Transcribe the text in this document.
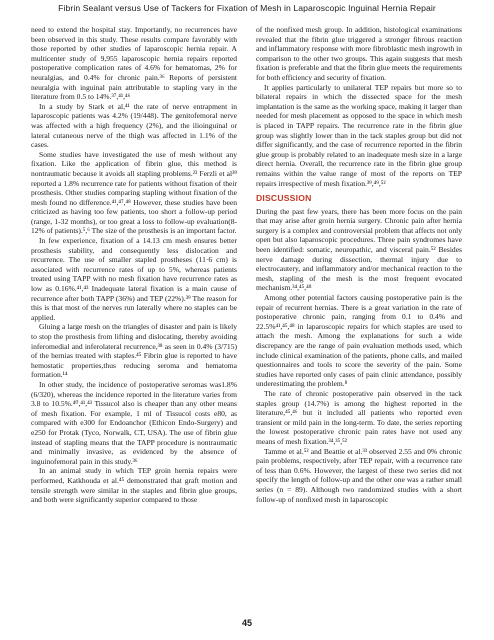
Fibrin Sealant versus Use of Tackers for Fixation of Mesh in Laparoscopic Inguinal Hernia Repair

need to extend the hospital stay. Importantly, no recurrences have been observed in this study. These results compare favorably with those reported by other studies of laparoscopic hernia repair. A multicenter study of 9,955 laparoscopic hernia repairs reported postoperative complication rates of 4.6% for hematomas, 2% for neuralgias, and 0.4% for chronic pain.³⁶ Reports of persistent neuralgia with inguinal pain attributable to stapling vary in the literature from 0.5 to 14%.³⁷,⁴¹,⁴⁶

In a study by Stark et al,⁴¹ the rate of nerve entrapment in laparoscopic patients was 4.2% (19/448). The genitofemoral nerve was affected with a high frequency (2%), and the ilioinguinal or lateral cutaneous nerve of the thigh was affected in 1.1% of the cases.

Some studies have investigated the use of mesh without any fixation. Like the application of fibrin glue, this method is nontraumatic because it avoids all stapling problems.²³ Ferzli et al³⁹ reported a 1.8% recurrence rate for patients without fixation of their prosthesis. Other studies comparing stapling without fixation of the mesh found no difference.⁴¹,⁴⁷,⁴⁸ However, these studies have been criticized as having too few patients, too short a follow-up period (range, 1-32 months), or too great a loss to follow-up evaluation(8-12% of patients).⁵,⁶ The size of the prosthesis is an important factor.

In few experience, fixation of a 14.13 cm mesh ensures better prosthesis stability, and consequently less dislocation and recurrence. The use of smaller stapled prostheses (11·6 cm) is associated with recurrence rates of up to 5%, whereas patients treated using TAPP with no mesh fixation have recurrence rates as low as 0.16%.⁴¹,⁴³ Inadequate lateral fixation is a main cause of recurrence after both TAPP (36%) and TEP (22%).³⁹ The reason for this is that most of the nerves run laterally where no staples can be applied.

Gluing a large mesh on the triangles of disaster and pain is likely to stop the prosthesis from lifting and dislocating, thereby avoiding inferomedial and inferolateral recurrence,³⁸ as seen in 0.4% (3/715) of the hernias treated with staples.⁴⁵ Fibrin glue is reported to have hemostatic properties,thus reducing seroma and hematoma formation.¹⁴

In other study, the incidence of postoperative seromas was1.8% (6/320), whereas the incidence reported in the literature varies from 3.8 to 10.5%.⁴⁰,⁴¹,⁴³ Tissucol also is cheaper than any other means of mesh fixation. For example, 1 ml of Tissucol costs e80, as compared with e300 for Endoanchor (Ethicon Endo-Surgery) and e250 for Protak (Tyco, Norwalk, CT, USA). The use of fibrin glue instead of stapling means that the TAPP procedure is nontraumatic and minimally invasive, as evidenced by the absence of inguinofemoral pain in this study.³⁶

In an animal study in which TEP groin hernia repairs were performed, Katkhouda et al.⁴⁵ demonstrated that graft motion and tensile strength were similar in the staples and fibrin glue groups, and both were significantly superior compared to those

of the nonfixed mesh group. In addition, histological examinations revealed that the fibrin glue triggered a stronger fibrous reaction and inflammatory response with more fibroblastic mesh ingrowth in comparison to the other two groups. This again suggests that mesh fixation is preferable and that the fibrin glue meets the requirements for both efficiency and security of fixation.

It applies particularly to unilateral TEP repairs but more so to bilateral repairs in which the dissected space for the mesh implantation is the same as the working space, making it larger than needed for mesh placement as opposed to the space in which mesh is placed in TAPP repairs. The recurrence rate in the fibrin glue group was slightly lower than in the tack staples group but did not differ significantly, and the case of recurrence reported in the fibrin glue group is probably related to an inadequate mesh size in a large direct hernia. Overall, the recurrence rate in the fibrin glue group remains within the value range of most of the reports on TEP repairs irrespective of mesh fixation.³⁹,⁴⁹,⁵²

DISCUSSION

During the past few years, there has been more focus on the pain that may arise after groin hernia surgery. Chronic pain after hernia surgery is a complex and controversial problem that affects not only open but also laparoscopic procedures. Three pain syndromes have been identified: somatic, neuropathic, and visceral pain.⁵² Besides nerve damage during dissection, thermal injury due to electrocautery, and inflammatory and/or mechanical reaction to the mesh, stapling of the mesh is the most frequent evocated mechanism.³⁴,⁴⁵,⁴⁸

Among other potential factors causing postoperative pain is the repair of recurrent hernias. There is a great variation in the rate of postoperative chronic pain, ranging from 0.1 to 0.4% and 22.5%⁴¹,⁴⁵,⁴⁸ in laparoscopic repairs for which staples are used to attach the mesh. Among the explanations for such a wide discrepancy are the range of pain evaluation methods used, which include clinical examination of the patients, phone calls, and mailed questionnaires and tools to score the severity of the pain. Some studies have reported only cases of pain clinic attendance, possibly underestimating the problem.⁸

The rate of chronic postoperative pain observed in the tack staples group (14.7%) is among the highest reported in the literature,⁴⁵,⁴⁶ but it included all patients who reported even transient or mild pain in the long-term. To date, the series reporting the lowest postoperative chronic pain rates have not used any means of mesh fixation.³⁴,³⁵,⁵²

Tamme et al.⁵² and Beattie et al.³³ observed 2.55 and 0% chronic pain problems, respectively, after TEP repair, with a recurrence rate of less than 0.6%. However, the largest of these two series did not specify the length of follow-up and the other one was a rather small series (n = 89). Although two randomized studies with a short follow-up of nonfixed mesh in laparoscopic

45
